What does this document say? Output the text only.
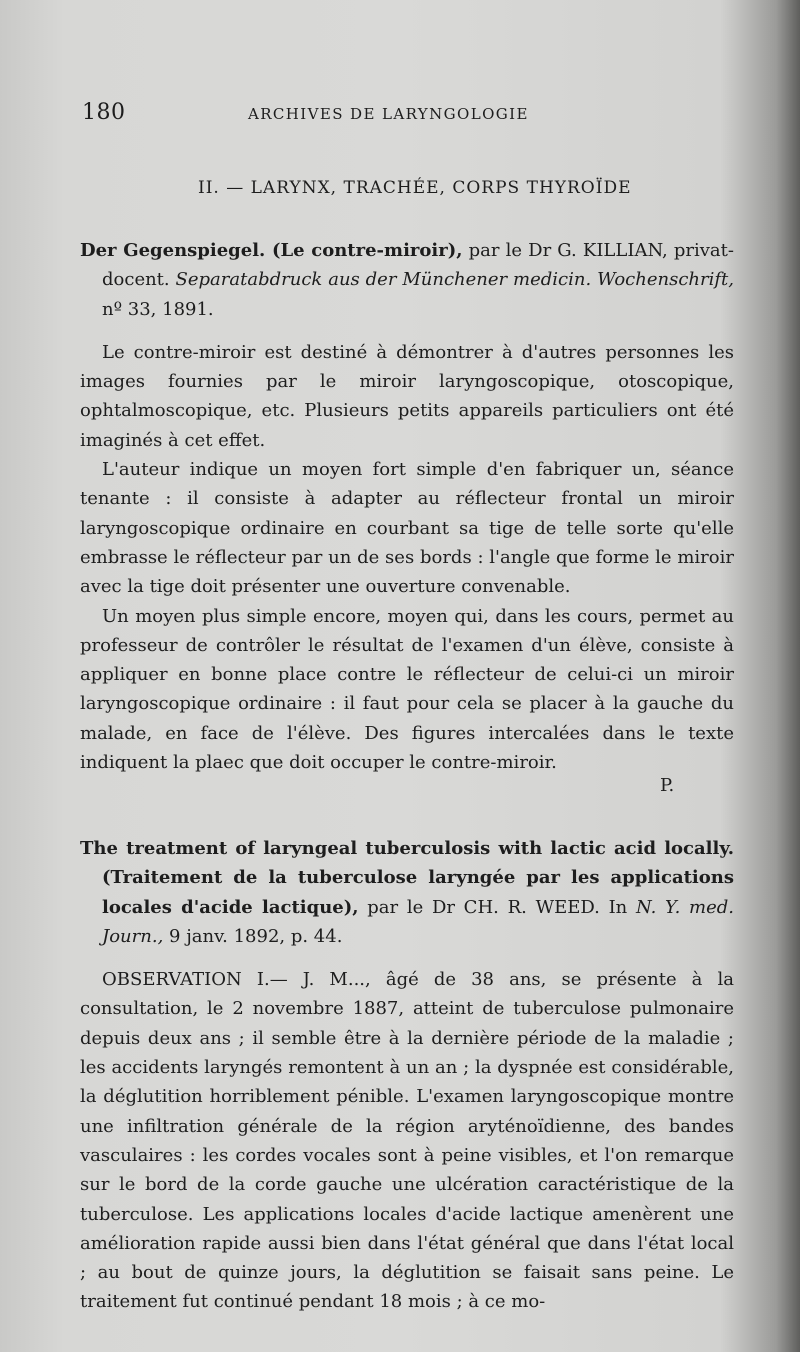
180	ARCHIVES DE LARYNGOLOGIE
II. — LARYNX, TRACHÉE, CORPS THYROÏDE

Der Gegenspiegel. (Le contre-miroir), par le Dr G. KILLIAN, privat-docent. Separatabdruck aus der Münchener medicin. Wochenschrift, nº 33, 1891.

Le contre-miroir est destiné à démontrer à d'autres personnes les images fournies par le miroir laryngoscopique, otoscopique, ophtalmoscopique, etc. Plusieurs petits appareils particuliers ont été imaginés à cet effet.

L'auteur indique un moyen fort simple d'en fabriquer un, séance tenante : il consiste à adapter au réflecteur frontal un miroir laryngoscopique ordinaire en courbant sa tige de telle sorte qu'elle embrasse le réflecteur par un de ses bords : l'angle que forme le miroir avec la tige doit présenter une ouverture convenable.

Un moyen plus simple encore, moyen qui, dans les cours, permet au professeur de contrôler le résultat de l'examen d'un élève, consiste à appliquer en bonne place contre le réflecteur de celui-ci un miroir laryngoscopique ordinaire : il faut pour cela se placer à la gauche du malade, en face de l'élève. Des figures intercalées dans le texte indiquent la plaec que doit occuper le contre-miroir.

P.

The treatment of laryngeal tuberculosis with lactic acid locally. (Traitement de la tuberculose laryngée par les applications locales d'acide lactique), par le Dr CH. R. WEED. In N. Y. med. Journ., 9 janv. 1892, p. 44.

OBSERVATION I.— J. M..., âgé de 38 ans, se présente à la consultation, le 2 novembre 1887, atteint de tuberculose pulmonaire depuis deux ans ; il semble être à la dernière période de la maladie ; les accidents laryngés remontent à un an ; la dyspnée est considérable, la déglutition horriblement pénible. L'examen laryngoscopique montre une infiltration générale de la région aryténoïdienne, des bandes vasculaires : les cordes vocales sont à peine visibles, et l'on remarque sur le bord de la corde gauche une ulcération caractéristique de la tuberculose. Les applications locales d'acide lactique amenèrent une amélioration rapide aussi bien dans l'état général que dans l'état local ; au bout de quinze jours, la déglutition se faisait sans peine. Le traitement fut continué pendant 18 mois ; à ce mo-
